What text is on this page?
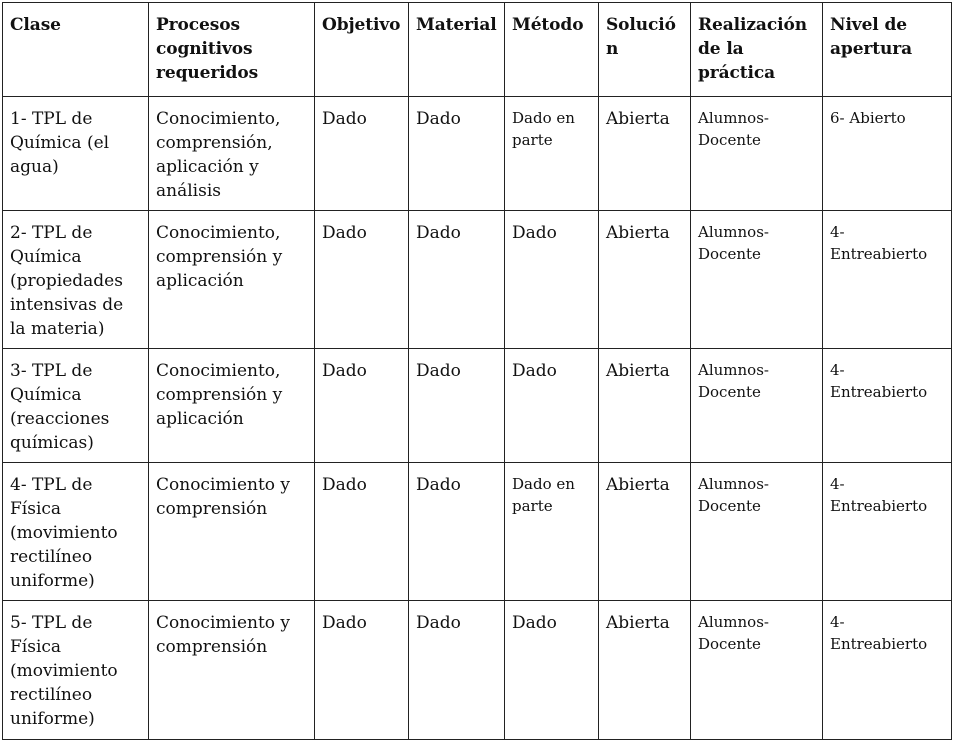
Clase	Procesos cognitivos requeridos	Objetivo	Material	Método	Solución	Realización de la práctica	Nivel de apertura
1- TPL de Química (el agua)	Conocimiento, comprensión, aplicación y análisis	Dado	Dado	Dado en parte	Abierta	Alumnos-Docente	6- Abierto
2- TPL de Química (propiedades intensivas de la materia)	Conocimiento, comprensión y aplicación	Dado	Dado	Dado	Abierta	Alumnos-Docente	4- Entreabierto
3- TPL de Química (reacciones químicas)	Conocimiento, comprensión y aplicación	Dado	Dado	Dado	Abierta	Alumnos-Docente	4- Entreabierto
4- TPL de Física (movimiento rectilíneo uniforme)	Conocimiento y comprensión	Dado	Dado	Dado en parte	Abierta	Alumnos-Docente	4- Entreabierto
5- TPL de Física (movimiento rectilíneo uniforme)	Conocimiento y comprensión	Dado	Dado	Dado	Abierta	Alumnos-Docente	4- Entreabierto
